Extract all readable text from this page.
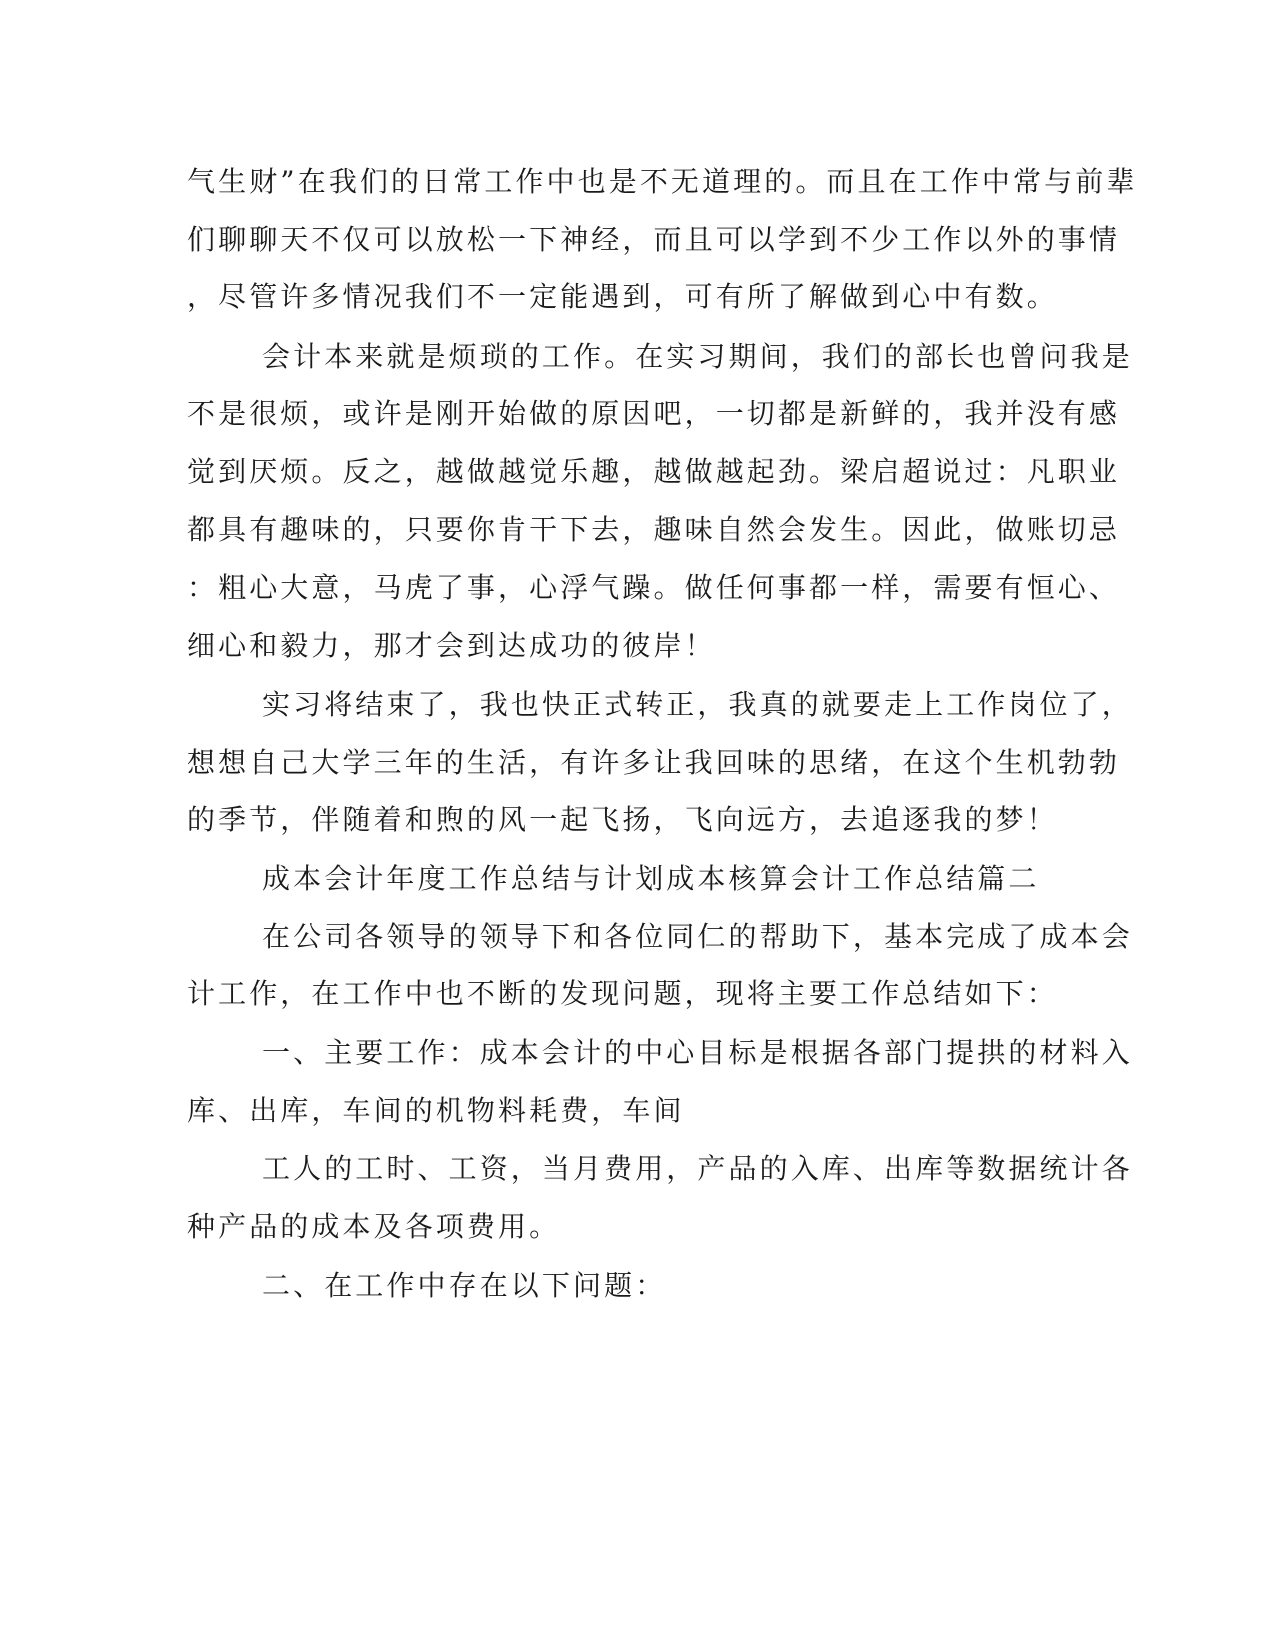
气生财”在我们的日常工作中也是不无道理的。而且在工作中常与前辈
们聊聊天不仅可以放松一下神经，而且可以学到不少工作以外的事情
，尽管许多情况我们不一定能遇到，可有所了解做到心中有数。
会计本来就是烦琐的工作。在实习期间，我们的部长也曾问我是
不是很烦，或许是刚开始做的原因吧，一切都是新鲜的，我并没有感
觉到厌烦。反之，越做越觉乐趣，越做越起劲。梁启超说过：凡职业
都具有趣味的，只要你肯干下去，趣味自然会发生。因此，做账切忌
：粗心大意，马虎了事，心浮气躁。做任何事都一样，需要有恒心、
细心和毅力，那才会到达成功的彼岸！
实习将结束了，我也快正式转正，我真的就要走上工作岗位了，
想想自己大学三年的生活，有许多让我回味的思绪，在这个生机勃勃
的季节，伴随着和煦的风一起飞扬，飞向远方，去追逐我的梦！
成本会计年度工作总结与计划成本核算会计工作总结篇二
在公司各领导的领导下和各位同仁的帮助下，基本完成了成本会
计工作，在工作中也不断的发现问题，现将主要工作总结如下：
一、主要工作：成本会计的中心目标是根据各部门提拱的材料入
库、出库，车间的机物料耗费，车间
工人的工时、工资，当月费用，产品的入库、出库等数据统计各
种产品的成本及各项费用。
二、在工作中存在以下问题：
